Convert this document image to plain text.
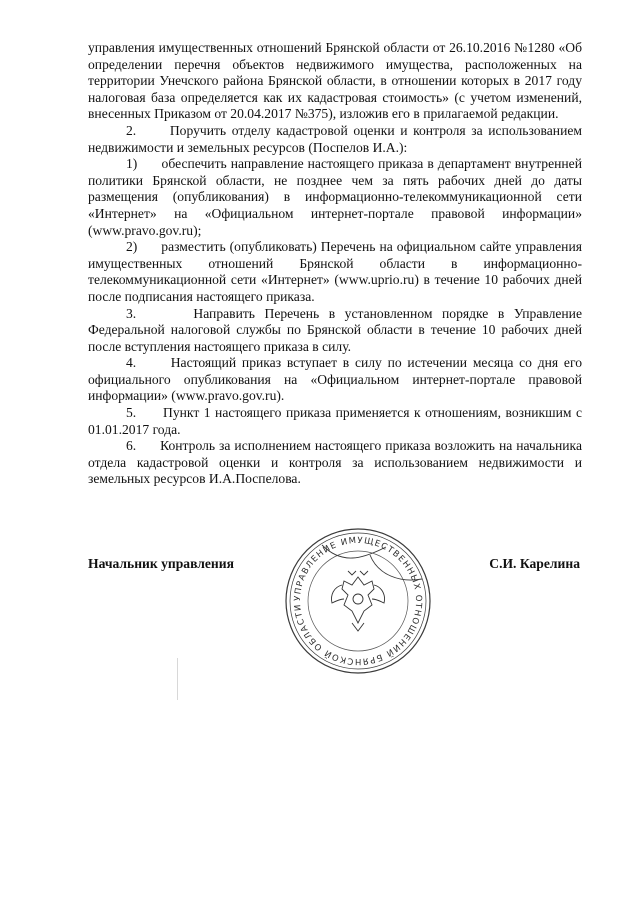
управления имущественных отношений Брянской области от 26.10.2016 №1280 «Об определении перечня объектов недвижимого имущества, расположенных на территории Унечского района Брянской области, в отношении которых в 2017 году налоговая база определяется как их кадастровая стоимость» (с учетом изменений, внесенных Приказом от 20.04.2017 №375), изложив его в прилагаемой редакции.

2.      Поручить отделу кадастровой оценки и контроля за использованием недвижимости и земельных ресурсов (Поспелов И.А.):

1)      обеспечить направление настоящего приказа в департамент внутренней политики Брянской области, не позднее чем за пять рабочих дней до даты размещения (опубликования) в информационно-телекоммуникационной сети «Интернет» на «Официальном интернет-портале правовой информации» (www.pravo.gov.ru);

2)      разместить (опубликовать) Перечень на официальном сайте управления имущественных отношений Брянской области в информационно-телекоммуникационной сети «Интернет» (www.uprio.ru) в течение 10 рабочих дней после подписания настоящего приказа.

3.      Направить Перечень в установленном порядке в Управление Федеральной налоговой службы по Брянской области в течение 10 рабочих дней после вступления настоящего приказа в силу.

4.      Настоящий приказ вступает в силу по истечении месяца со дня его официального опубликования на «Официальном интернет-портале правовой информации» (www.pravo.gov.ru).

5.      Пункт 1 настоящего приказа применяется к отношениям, возникшим с 01.01.2017 года.

6.      Контроль за исполнением настоящего приказа возложить на начальника отдела кадастровой оценки и контроля за использованием недвижимости и земельных ресурсов И.А.Поспелова.

Начальник управления	С.И. Карелина
УПРАВЛЕНИЕ ИМУЩЕСТВЕННЫХ ОТНОШЕНИЙ БРЯНСКОЙ ОБЛАСТИ
